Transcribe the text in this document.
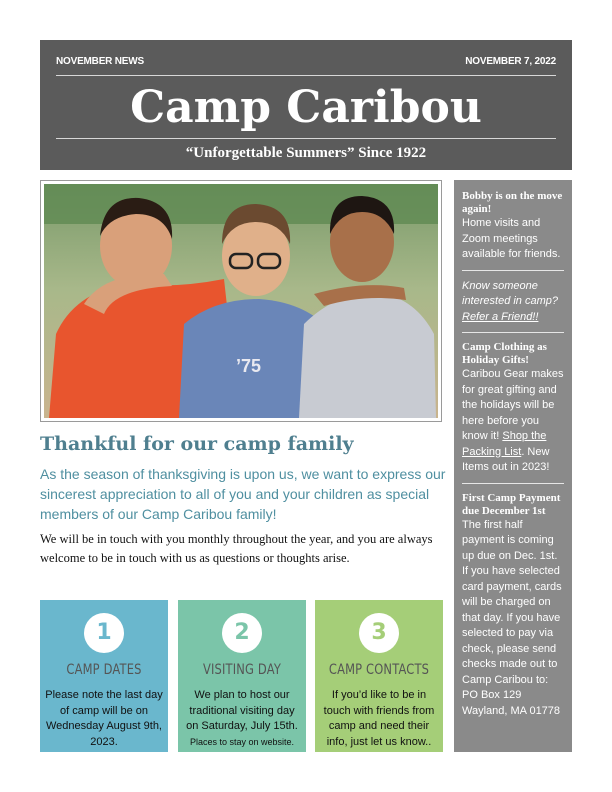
NOVEMBER NEWS	NOVEMBER 7, 2022
Camp Caribou
“Unforgettable Summers” Since 1922
’75
Thankful for our camp family
As the season of thanksgiving is upon us, we want to express our sincerest appreciation to all of you and your children as special members of our Camp Caribou family!
We will be in touch with you monthly throughout the year, and you are always welcome to be in touch with us as questions or thoughts arise.
1
CAMP DATES
Please note the last day of camp will be on Wednesday August 9th, 2023.
2
VISITING DAY
We plan to host our traditional visiting day on Saturday, July 15th. Places to stay on website.
3
CAMP CONTACTS
If you’d like to be in touch with friends from camp and need their info, just let us know..
Bobby is on the move again!

Home visits and Zoom meetings available for friends.

Know someone interested in camp? Refer a Friend!!

Camp Clothing as Holiday Gifts!

Caribou Gear makes for great gifting and the holidays will be here before you know it! Shop the Packing List. New Items out in 2023!

First Camp Payment due December 1st

The first half payment is coming up due on Dec. 1st. If you have selected card payment, cards will be charged on that day. If you have selected to pay via check, please send checks made out to Camp Caribou to: PO Box 129 Wayland, MA 01778
